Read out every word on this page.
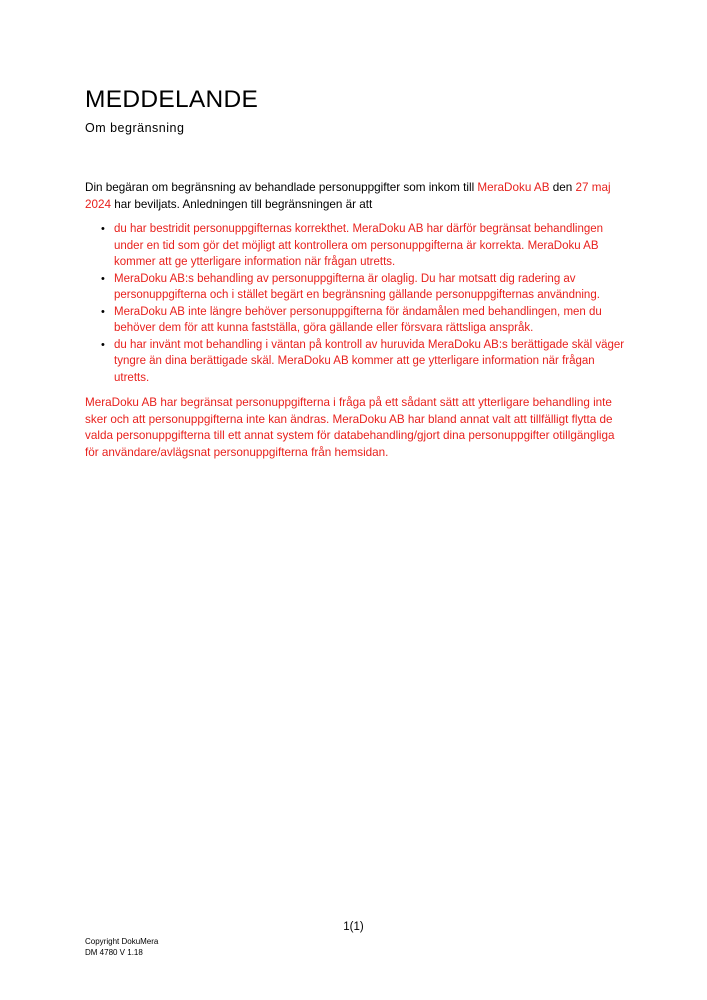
MEDDELANDE

Om begränsning

Din begäran om begränsning av behandlade personuppgifter som inkom till MeraDoku AB den 27 maj 2024 har beviljats. Anledningen till begränsningen är att

• du har bestridit personuppgifternas korrekthet. MeraDoku AB har därför begränsat behandlingen under en tid som gör det möjligt att kontrollera om personuppgifterna är korrekta. MeraDoku AB kommer att ge ytterligare information när frågan utretts.
• MeraDoku AB:s behandling av personuppgifterna är olaglig. Du har motsatt dig radering av personuppgifterna och i stället begärt en begränsning gällande personuppgifternas användning.
• MeraDoku AB inte längre behöver personuppgifterna för ändamålen med behandlingen, men du behöver dem för att kunna fastställa, göra gällande eller försvara rättsliga anspråk.
• du har invänt mot behandling i väntan på kontroll av huruvida MeraDoku AB:s berättigade skäl väger tyngre än dina berättigade skäl. MeraDoku AB kommer att ge ytterligare information när frågan utretts.

MeraDoku AB har begränsat personuppgifterna i fråga på ett sådant sätt att ytterligare behandling inte sker och att personuppgifterna inte kan ändras. MeraDoku AB har bland annat valt att tillfälligt flytta de valda personuppgifterna till ett annat system för databehandling/gjort dina personuppgifter otillgängliga för användare/avlägsnat personuppgifterna från hemsidan.

1(1)
Copyright DokuMera
DM 4780 V 1.18
